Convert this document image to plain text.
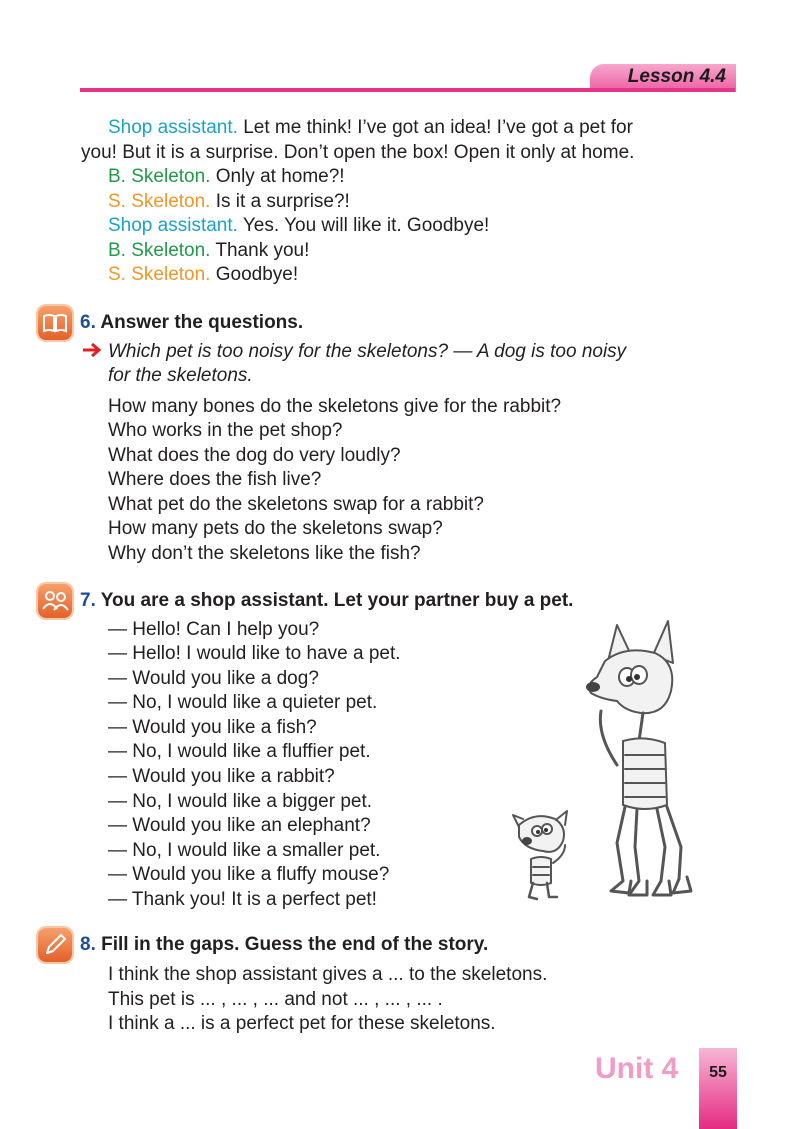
Lesson 4.4
Shop assistant. Let me think! I’ve got an idea! I’ve got a pet for
you! But it is a surprise. Don’t open the box! Open it only at home.
B. Skeleton. Only at home?!
S. Skeleton. Is it a surprise?!
Shop assistant. Yes. You will like it. Goodbye!
B. Skeleton. Thank you!
S. Skeleton. Goodbye!
6. Answer the questions.
Which pet is too noisy for the skeletons? — A dog is too noisy
for the skeletons.
How many bones do the skeletons give for the rabbit?
Who works in the pet shop?
What does the dog do very loudly?
Where does the fish live?
What pet do the skeletons swap for a rabbit?
How many pets do the skeletons swap?
Why don’t the skeletons like the fish?
7. You are a shop assistant. Let your partner buy a pet.
— Hello! Can I help you?
— Hello! I would like to have a pet.
— Would you like a dog?
— No, I would like a quieter pet.
— Would you like a fish?
— No, I would like a fluffier pet.
— Would you like a rabbit?
— No, I would like a bigger pet.
— Would you like an elephant?
— No, I would like a smaller pet.
— Would you like a fluffy mouse?
— Thank you! It is a perfect pet!
8. Fill in the gaps. Guess the end of the story.
I think the shop assistant gives a ... to the skeletons.
This pet is ... , ... , ... and not ... , ... , ... .
I think a ... is a perfect pet for these skeletons.
Unit 4	55
